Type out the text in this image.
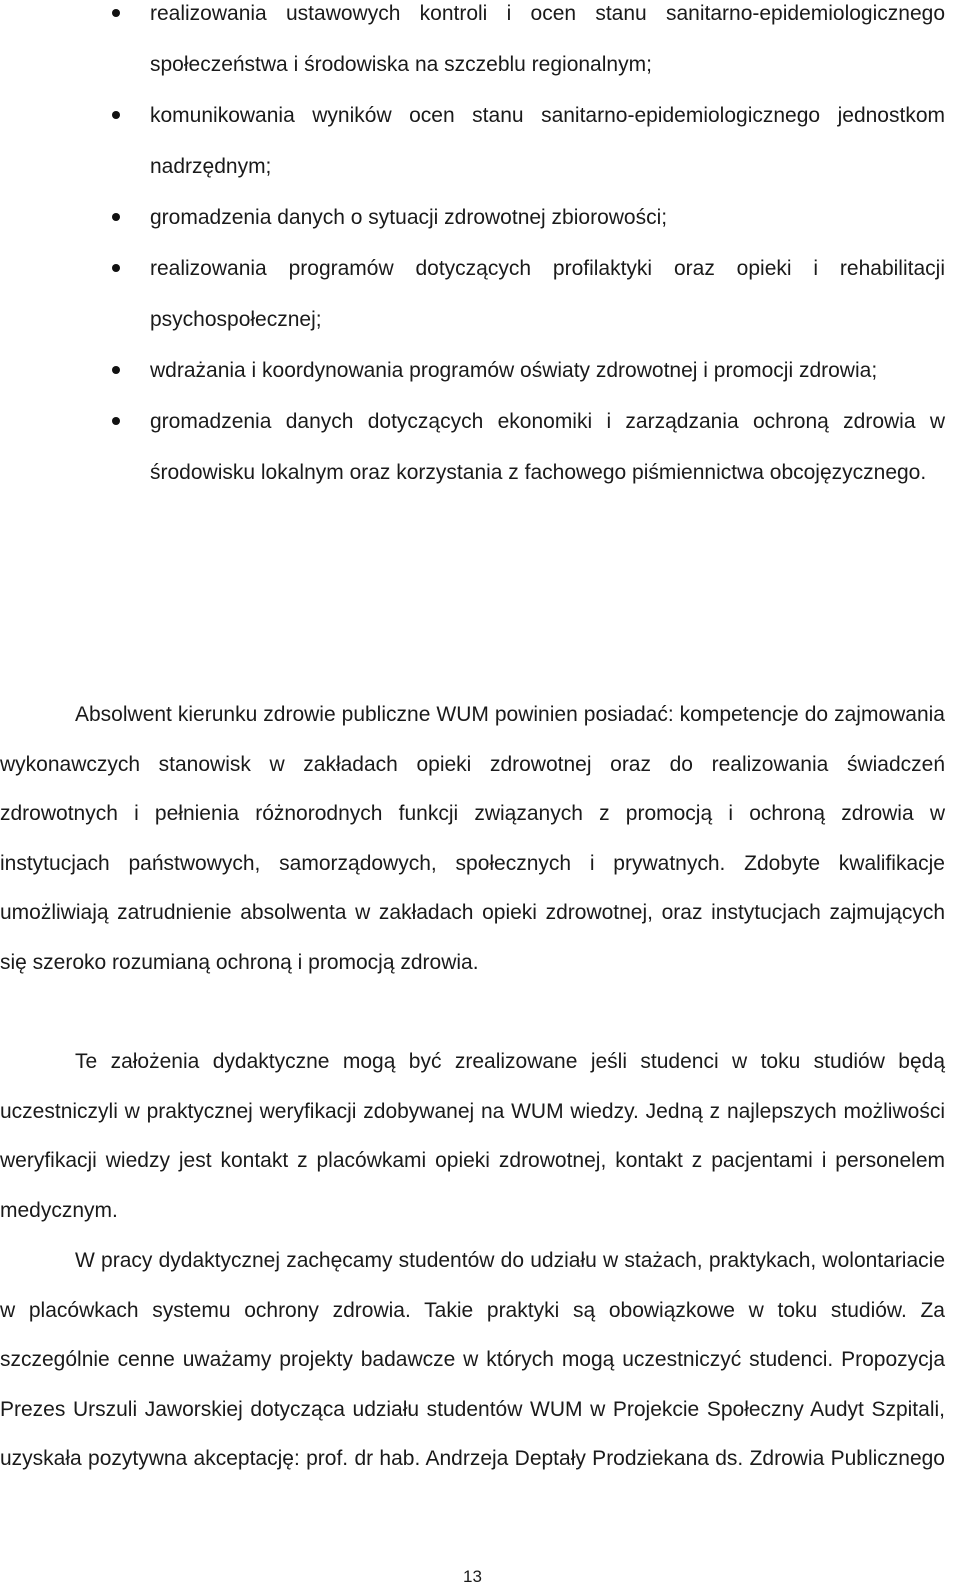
realizowania ustawowych kontroli i ocen stanu sanitarno-epidemiologicznego społeczeństwa i środowiska na szczeblu regionalnym;
komunikowania wyników ocen stanu sanitarno-epidemiologicznego jednostkom nadrzędnym;
gromadzenia danych o sytuacji zdrowotnej zbiorowości;
realizowania programów dotyczących profilaktyki oraz opieki i rehabilitacji psychospołecznej;
wdrażania i koordynowania programów oświaty zdrowotnej i promocji zdrowia;
gromadzenia danych dotyczących ekonomiki i zarządzania ochroną zdrowia w środowisku lokalnym oraz korzystania z fachowego piśmiennictwa obcojęzycznego.

Absolwent kierunku zdrowie publiczne WUM powinien posiadać: kompetencje do zajmowania wykonawczych stanowisk w zakładach opieki zdrowotnej oraz do realizowania świadczeń zdrowotnych i pełnienia różnorodnych funkcji związanych z promocją i ochroną zdrowia w instytucjach państwowych, samorządowych, społecznych i prywatnych. Zdobyte kwalifikacje umożliwiają zatrudnienie absolwenta w zakładach opieki zdrowotnej, oraz instytucjach zajmujących się szeroko rozumianą ochroną i promocją zdrowia.

Te założenia dydaktyczne mogą być zrealizowane jeśli studenci w toku studiów będą uczestniczyli w praktycznej weryfikacji zdobywanej na WUM wiedzy. Jedną z najlepszych możliwości weryfikacji wiedzy jest kontakt z placówkami opieki zdrowotnej, kontakt z pacjentami i personelem medycznym.

W pracy dydaktycznej zachęcamy studentów do udziału w stażach, praktykach, wolontariacie w placówkach systemu ochrony zdrowia. Takie praktyki są obowiązkowe w toku studiów. Za szczególnie cenne uważamy projekty badawcze w których mogą uczestniczyć studenci. Propozycja Prezes Urszuli Jaworskiej dotycząca udziału studentów WUM w Projekcie Społeczny Audyt Szpitali, uzyskała pozytywna akceptację: prof. dr hab. Andrzeja Deptały Prodziekana ds. Zdrowia Publicznego

13
